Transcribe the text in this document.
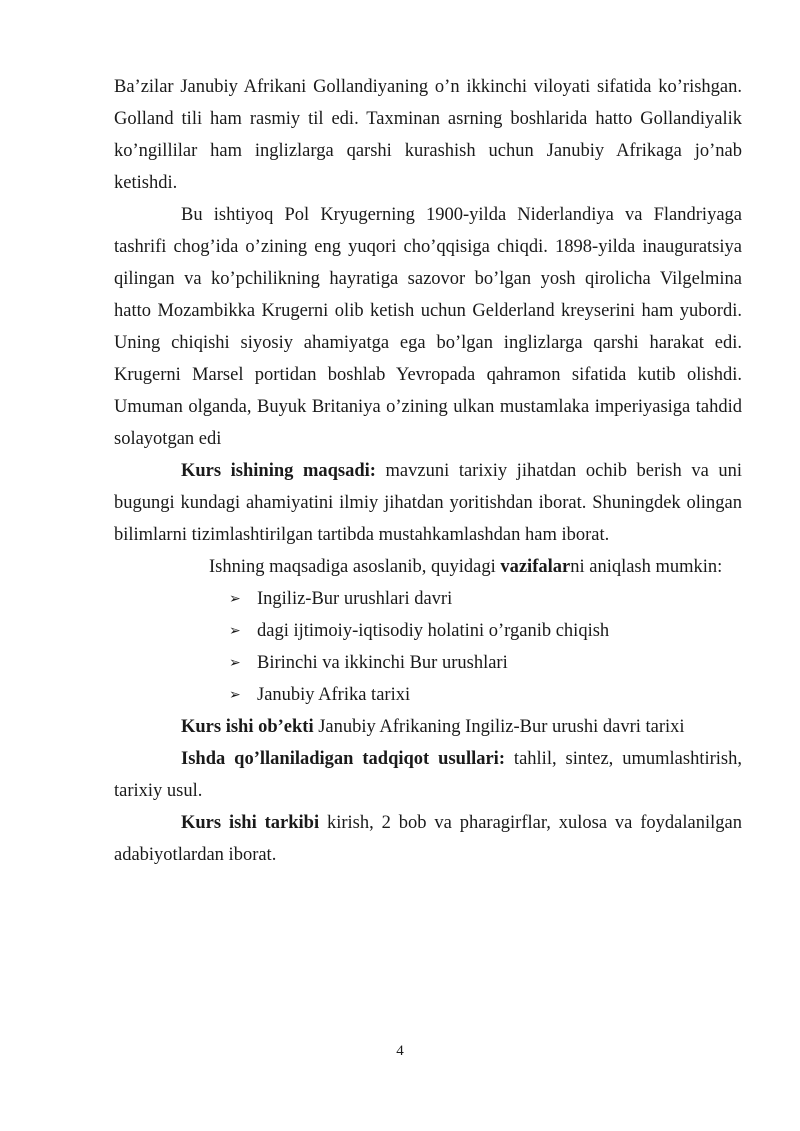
Ba’zilar Janubiy Afrikani Gollandiyaning o’n ikkinchi viloyati sifatida ko’rishgan. Golland tili ham rasmiy til edi. Taxminan asrning boshlarida hatto Gollandiyalik ko’ngillilar ham inglizlarga qarshi kurashish uchun Janubiy Afrikaga jo’nab ketishdi.

Bu ishtiyoq Pol Kryugerning 1900-yilda Niderlandiya va Flandriyaga tashrifi chog’ida o’zining eng yuqori cho’qqisiga chiqdi. 1898-yilda inauguratsiya qilingan va ko’pchilikning hayratiga sazovor bo’lgan yosh qirolicha Vilgelmina hatto Mozambikka Krugerni olib ketish uchun Gelderland kreyserini ham yubordi. Uning chiqishi siyosiy ahamiyatga ega bo’lgan inglizlarga qarshi harakat edi. Krugerni Marsel portidan boshlab Yevropada qahramon sifatida kutib olishdi. Umuman olganda, Buyuk Britaniya o’zining ulkan mustamlaka imperiyasiga tahdid solayotgan edi

Kurs ishining maqsadi: mavzuni tarixiy jihatdan ochib berish va uni bugungi kundagi ahamiyatini ilmiy jihatdan yoritishdan iborat. Shuningdek olingan bilimlarni tizimlashtirilgan tartibda mustahkamlashdan ham iborat.

Ishning maqsadiga asoslanib, quyidagi vazifalarni aniqlash mumkin:

➢ Ingiliz-Bur urushlari davri
➢ dagi ijtimoiy-iqtisodiy holatini o’rganib chiqish
➢ Birinchi va ikkinchi Bur urushlari
➢ Janubiy Afrika tarixi

Kurs ishi ob’ekti Janubiy Afrikaning Ingiliz-Bur urushi davri tarixi

Ishda qo’llaniladigan tadqiqot usullari: tahlil, sintez, umumlashtirish, tarixiy usul.

Kurs ishi tarkibi kirish, 2 bob va pharagirflar, xulosa va foydalanilgan adabiyotlardan iborat.

4
